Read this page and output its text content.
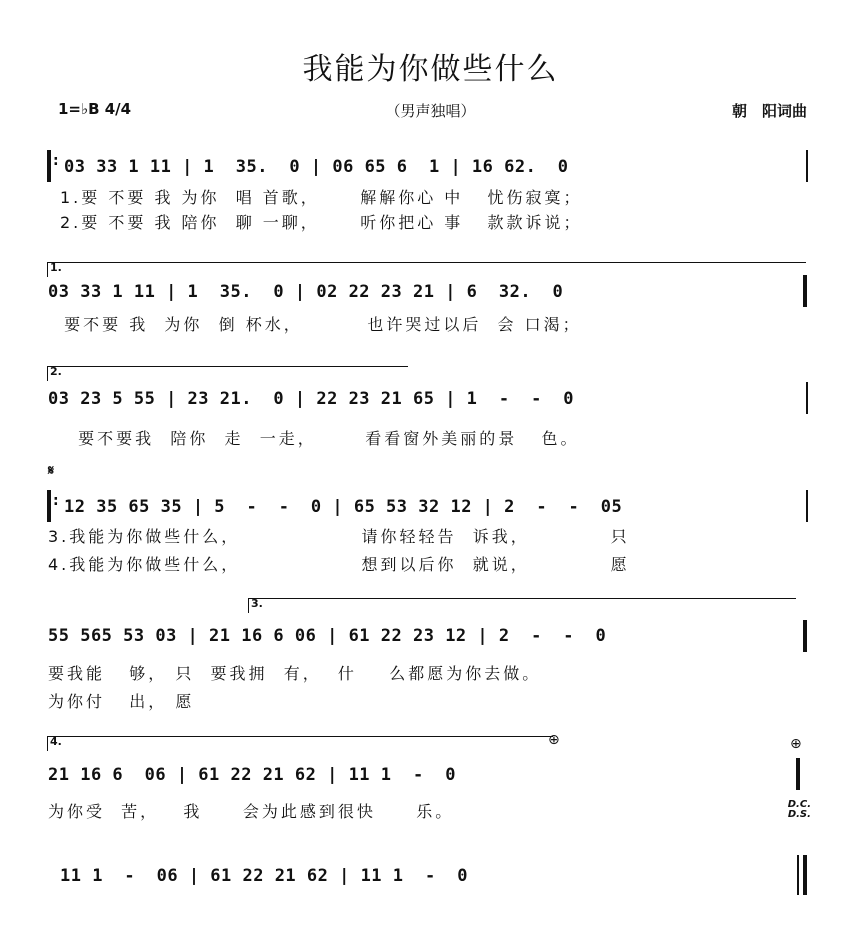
我能为你做些什么
1=♭B 4/4	（男声独唱）	朝　阳词曲
: 03 33 1 11 | 1  35.  0 | 06 65 6  1 | 16 62.  0
1.要 不要 我 为你  唱 首歌，     解解你心 中   忧伤寂寞；
2.要 不要 我 陪你  聊 一聊，     听你把心 事   款款诉说；
1.
03 33 1 11 | 1  35.  0 | 02 22 23 21 | 6  32.  0
要不要 我  为你  倒 杯水，        也许哭过以后  会 口渴；
2.
03 23 5 55 | 23 21.  0 | 22 23 21 65 | 1  -  -  0
要不要我  陪你  走  一走，      看看窗外美丽的景   色。
𝄋
: 12 35 65 35 | 5  -  -  0 | 65 53 32 12 | 2  -  -  05
3.我能为你做些什么，               请你轻轻告  诉我，          只
4.我能为你做些什么，               想到以后你  就说，          愿
3.
55 565 53 03 | 21 16 6 06 | 61 22 23 12 | 2  -  -  0
要我能   够， 只  要我拥  有，  什    么都愿为你去做。
为你付   出， 愿
4.	⊕	⊕
21 16 6  06 | 61 22 21 62 | 11 1  -  0
为你受  苦，   我     会为此感到很快     乐。	D.C.
D.S.
11 1  -  06 | 61 22 21 62 | 11 1  -  0
